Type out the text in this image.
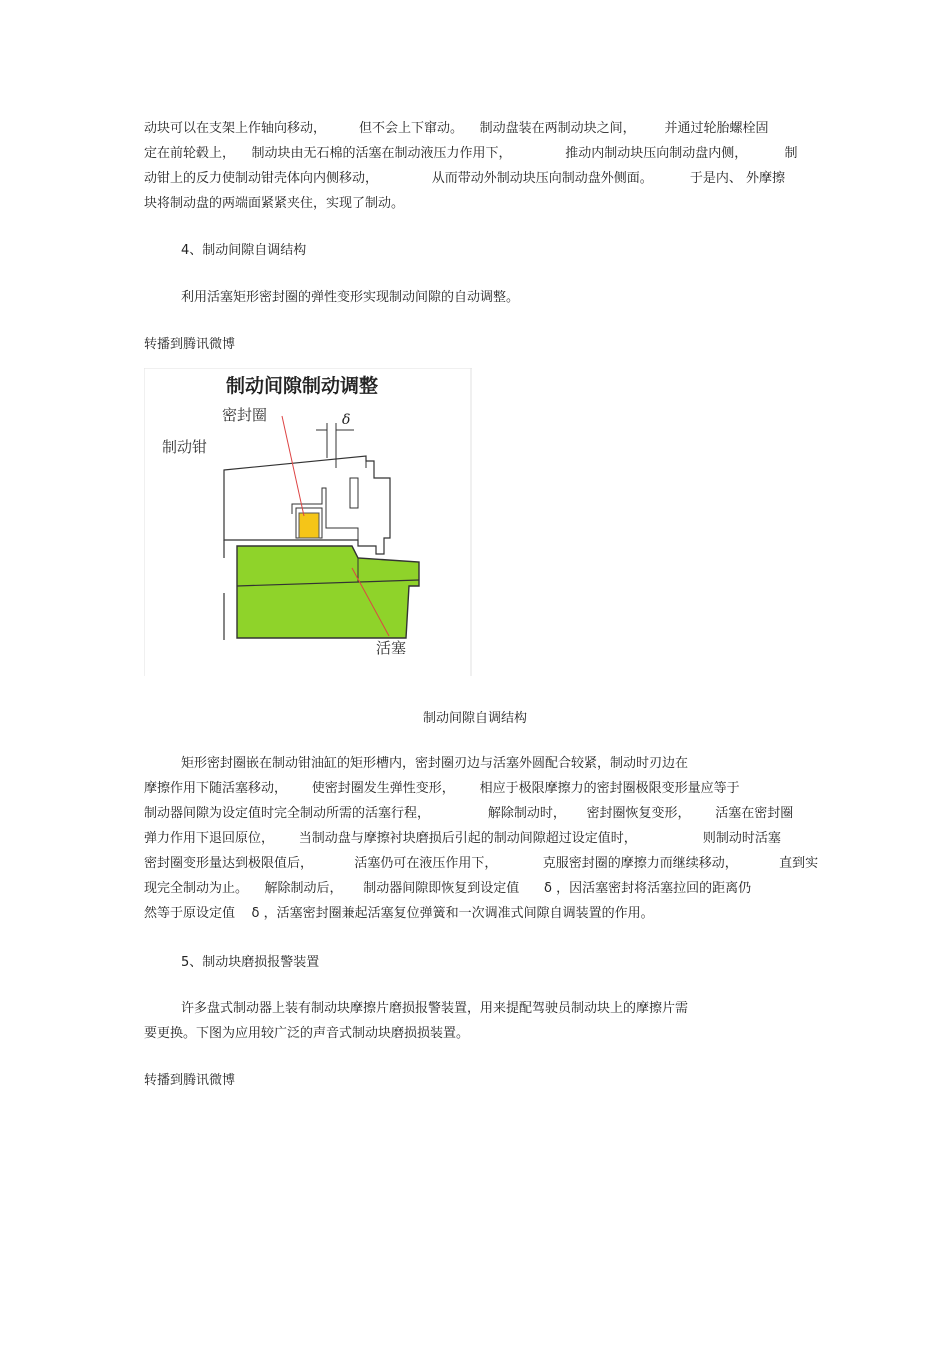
动块可以在支架上作轴向移动，        但不会上下窜动。    制动盘装在两制动块之间，       并通过轮胎螺栓固
定在前轮毂上，    制动块由无石棉的活塞在制动液压力作用下，             推动内制动块压向制动盘内侧，         制
动钳上的反力使制动钳壳体向内侧移动，             从而带动外制动块压向制动盘外侧面。         于是内、 外摩擦
块将制动盘的两端面紧紧夹住，实现了制动。
4、制动间隙自调结构
利用活塞矩形密封圈的弹性变形实现制动间隙的自动调整。
转播到腾讯微博
制动间隙制动调整
δ
密封圈
制动钳
活塞
制动间隙自调结构
矩形密封圈嵌在制动钳油缸的矩形槽内，密封圈刃边与活塞外圆配合较紧，制动时刃边在
摩擦作用下随活塞移动，      使密封圈发生弹性变形，      相应于极限摩擦力的密封圈极限变形量应等于
制动器间隙为设定值时完全制动所需的活塞行程，              解除制动时，     密封圈恢复变形，      活塞在密封圈
弹力作用下退回原位，      当制动盘与摩擦衬块磨损后引起的制动间隙超过设定值时，                则制动时活塞
密封圈变形量达到极限值后，          活塞仍可在液压作用下，           克服密封圈的摩擦力而继续移动，          直到实
现完全制动为止。    解除制动后，     制动器间隙即恢复到设定值      δ ，因活塞密封将活塞拉回的距离仍
然等于原设定值    δ ，活塞密封圈兼起活塞复位弹簧和一次调准式间隙自调装置的作用。
5、制动块磨损报警装置
许多盘式制动器上装有制动块摩擦片磨损报警装置，用来提配驾驶员制动块上的摩擦片需
要更换。下图为应用较广泛的声音式制动块磨损损装置。
转播到腾讯微博
